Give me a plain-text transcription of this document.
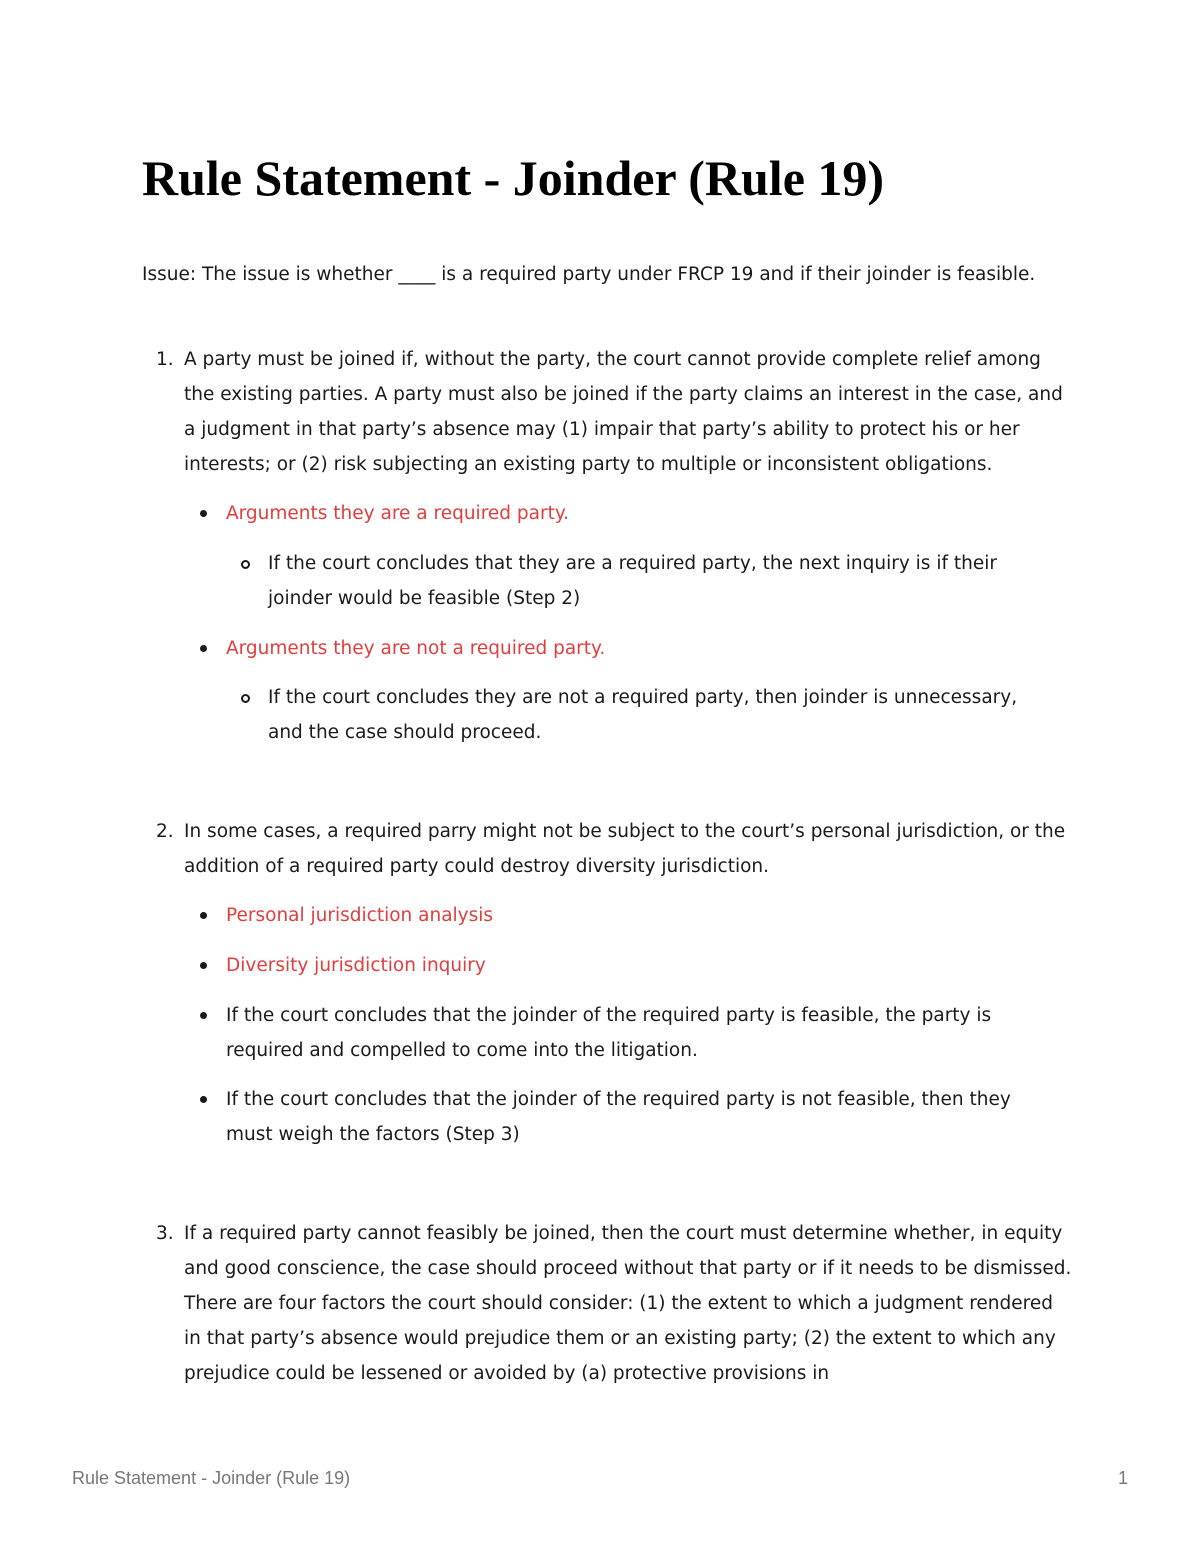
Rule Statement - Joinder (Rule 19)

Issue: The issue is whether ____ is a required party under FRCP 19 and if their joinder is feasible.

1. A party must be joined if, without the party, the court cannot provide complete relief among the existing parties. A party must also be joined if the party claims an interest in the case, and a judgment in that party’s absence may (1) impair that party’s ability to protect his or her interests; or (2) risk subjecting an existing party to multiple or inconsistent obligations.
Arguments they are a required party.
If the court concludes that they are a required party, the next inquiry is if their joinder would be feasible (Step 2)
Arguments they are not a required party.
If the court concludes they are not a required party, then joinder is unnecessary, and the case should proceed.
2. In some cases, a required parry might not be subject to the court’s personal jurisdiction, or the addition of a required party could destroy diversity jurisdiction.
Personal jurisdiction analysis
Diversity jurisdiction inquiry
If the court concludes that the joinder of the required party is feasible, the party is required and compelled to come into the litigation.
If the court concludes that the joinder of the required party is not feasible, then they must weigh the factors (Step 3)
3. If a required party cannot feasibly be joined, then the court must determine whether, in equity and good conscience, the case should proceed without that party or if it needs to be dismissed. There are four factors the court should consider: (1) the extent to which a judgment rendered in that party’s absence would prejudice them or an existing party; (2) the extent to which any prejudice could be lessened or avoided by (a) protective provisions in
Rule Statement - Joinder (Rule 19)	1
